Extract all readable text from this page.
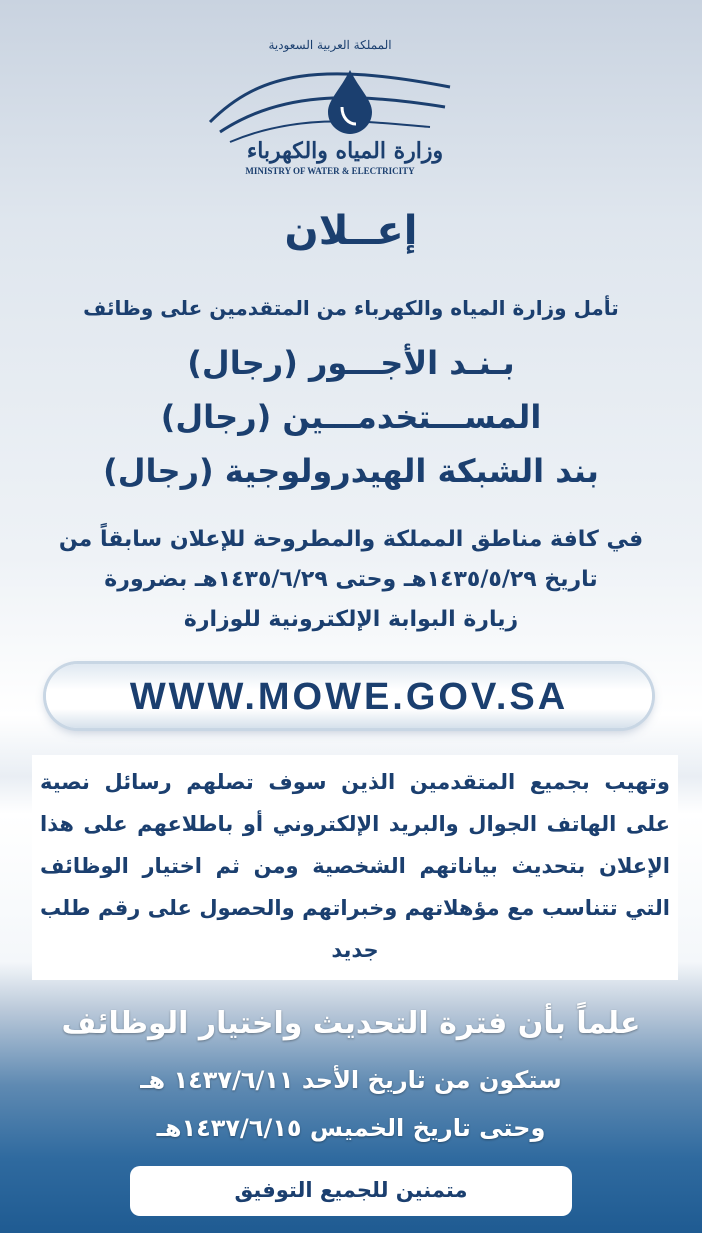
المملكة العربية السعودية
وزارة المياه والكهرباء
MINISTRY OF WATER & ELECTRICITY
إعــلان
تأمل وزارة المياه والكهرباء من المتقدمين على وظائف
بـنـد الأجـــور (رجال)
المســـتخدمـــين (رجال)
بند الشبكة الهيدرولوجية (رجال)
في كافة مناطق المملكة والمطروحة للإعلان سابقاً من
تاريخ ١٤٣٥/٥/٢٩هـ وحتى ١٤٣٥/٦/٢٩هـ بضرورة
زيارة البوابة الإلكترونية للوزارة
WWW.MOWE.GOV.SA
وتهيب بجميع المتقدمين الذين سوف تصلهم رسائل نصية على الهاتف الجوال والبريد الإلكتروني أو باطلاعهم على هذا الإعلان بتحديث بياناتهم الشخصية ومن ثم اختيار الوظائف التي تتناسب مع مؤهلاتهم وخبراتهم والحصول على رقم طلب جديد
علماً بأن فترة التحديث واختيار الوظائف
ستكون من تاريخ الأحد ١٤٣٧/٦/١١ هـ
وحتى تاريخ الخميس ١٤٣٧/٦/١٥هـ
متمنين للجميع التوفيق
